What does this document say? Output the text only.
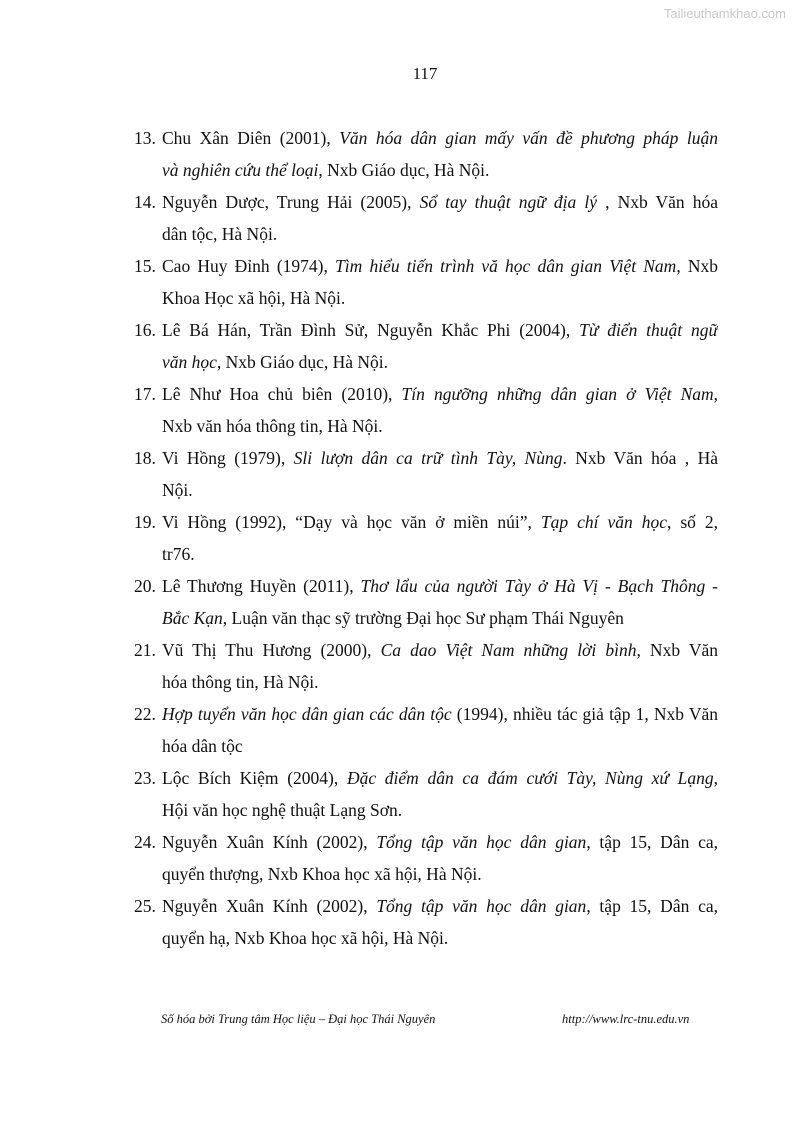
Tailieuthamkhao.com
117
13. Chu Xân Diên (2001), Văn hóa dân gian mấy vấn đề phương pháp luận
và nghiên cứu thể loại, Nxb Giáo dục, Hà Nội.
14. Nguyễn Dược, Trung Hải (2005), Sổ tay thuật ngữ địa lý , Nxb Văn hóa
dân tộc, Hà Nội.
15. Cao Huy Đỉnh (1974), Tìm hiểu tiến trình vă học dân gian Việt Nam, Nxb
Khoa Học xã hội, Hà Nội.
16. Lê Bá Hán, Trần Đình Sử, Nguyễn Khắc Phi (2004), Từ điển thuật ngữ
văn học, Nxb Giáo dục, Hà Nội.
17. Lê Như Hoa chủ biên (2010), Tín ngưỡng những dân gian ở Việt Nam,
Nxb văn hóa thông tin, Hà Nội.
18. Vi Hồng (1979), Sli lượn dân ca trữ tình Tày, Nùng. Nxb Văn hóa , Hà
Nội.
19. Vi Hồng (1992), “Dạy và học văn ở miền núi”, Tạp chí văn học, số 2,
tr76.
20. Lê Thương Huyền (2011), Thơ lẩu của người Tày ở Hà Vị - Bạch Thông -
Bắc Kạn, Luận văn thạc sỹ trường Đại học Sư phạm Thái Nguyên
21. Vũ Thị Thu Hương (2000), Ca dao Việt Nam những lời bình, Nxb Văn
hóa thông tin, Hà Nội.
22. Hợp tuyển văn học dân gian các dân tộc (1994), nhiều tác giả tập 1, Nxb Văn
hóa dân tộc
23. Lộc Bích Kiệm (2004), Đặc điểm dân ca đám cưới Tày, Nùng xứ Lạng,
Hội văn học nghệ thuật Lạng Sơn.
24. Nguyễn Xuân Kính (2002), Tổng tập văn học dân gian, tập 15, Dân ca,
quyển thượng, Nxb Khoa học xã hội, Hà Nội.
25. Nguyễn Xuân Kính (2002), Tổng tập văn học dân gian, tập 15, Dân ca,
quyển hạ, Nxb Khoa học xã hội, Hà Nội.
Số hóa bởi Trung tâm Học liệu – Đại học Thái Nguyên	http://www.lrc-tnu.edu.vn
